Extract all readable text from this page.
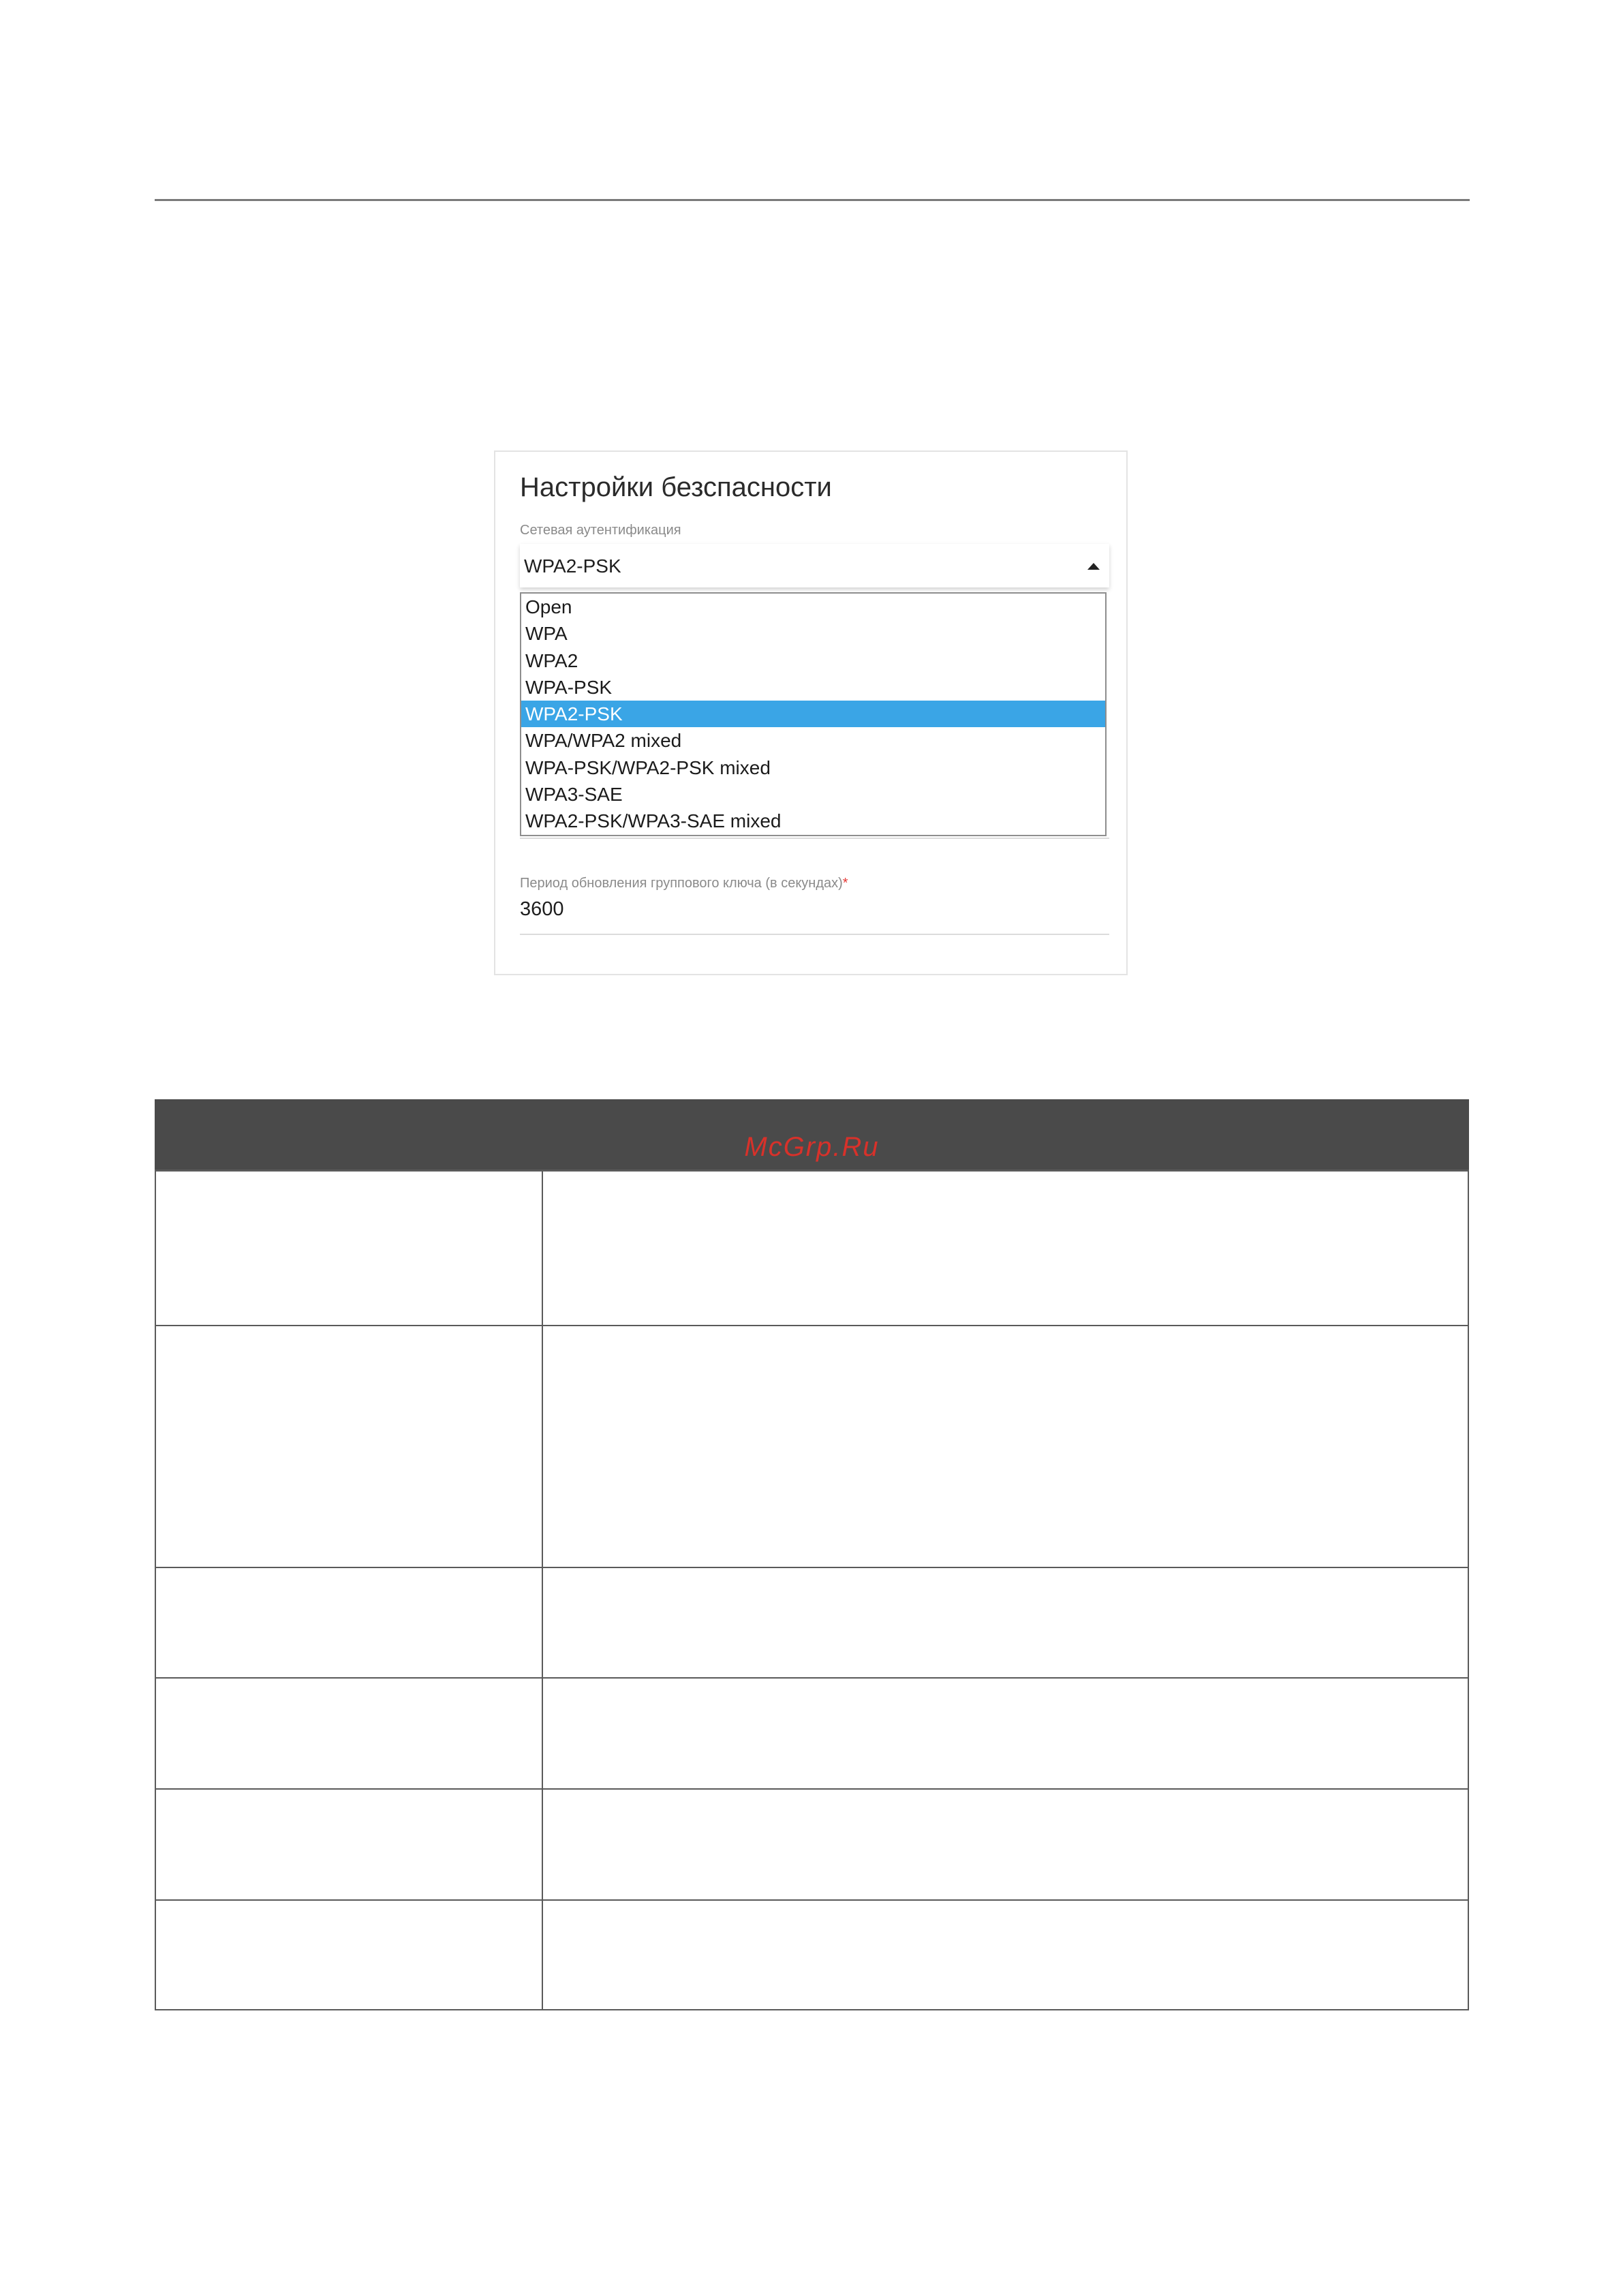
Настройки безспасности
Сетевая аутентификация
WPA2-PSK
Open
WPA
WPA2
WPA-PSK
WPA2-PSK
WPA/WPA2 mixed
WPA-PSK/WPA2-PSK mixed
WPA3-SAE
WPA2-PSK/WPA3-SAE mixed
Период обновления группового ключа (в секундах)*
3600
McGrp.Ru
